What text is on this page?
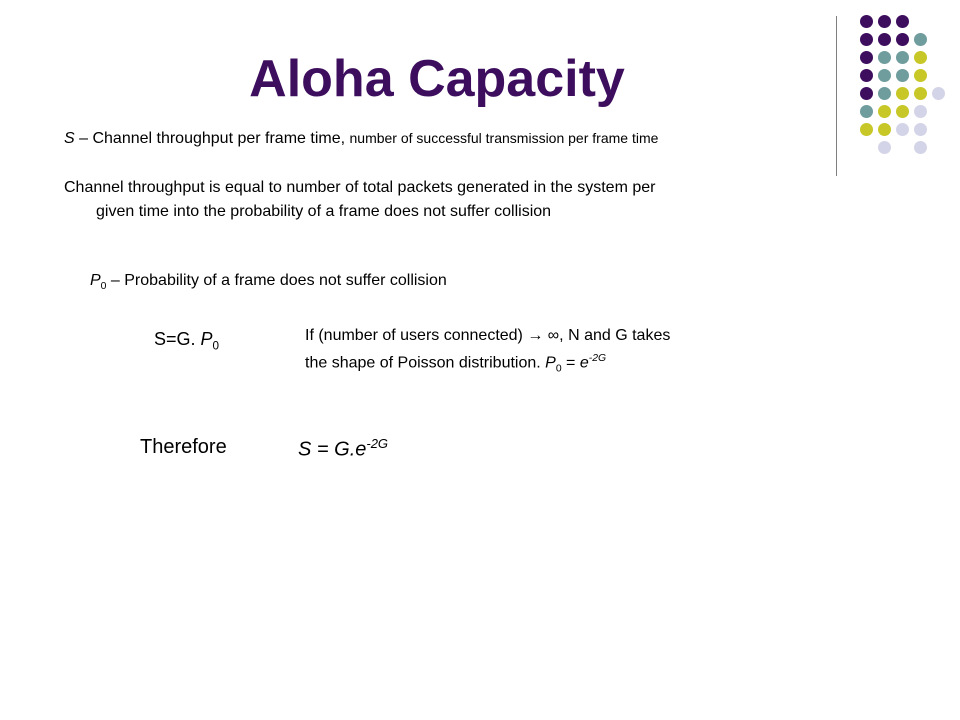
Aloha Capacity
S – Channel throughput per frame time, number of successful transmission per frame time
Channel throughput is equal to number of total packets generated in the system per
given time into the probability of a frame does not suffer collision
$P_0$ – Probability of a frame does not suffer collision
S=G. $P_0$
If (number of users connected) → ∞, N and G takes
the shape of Poisson distribution. $P_0 = e^{-2G}$
Therefore	$S = G.e^{-2G}$
